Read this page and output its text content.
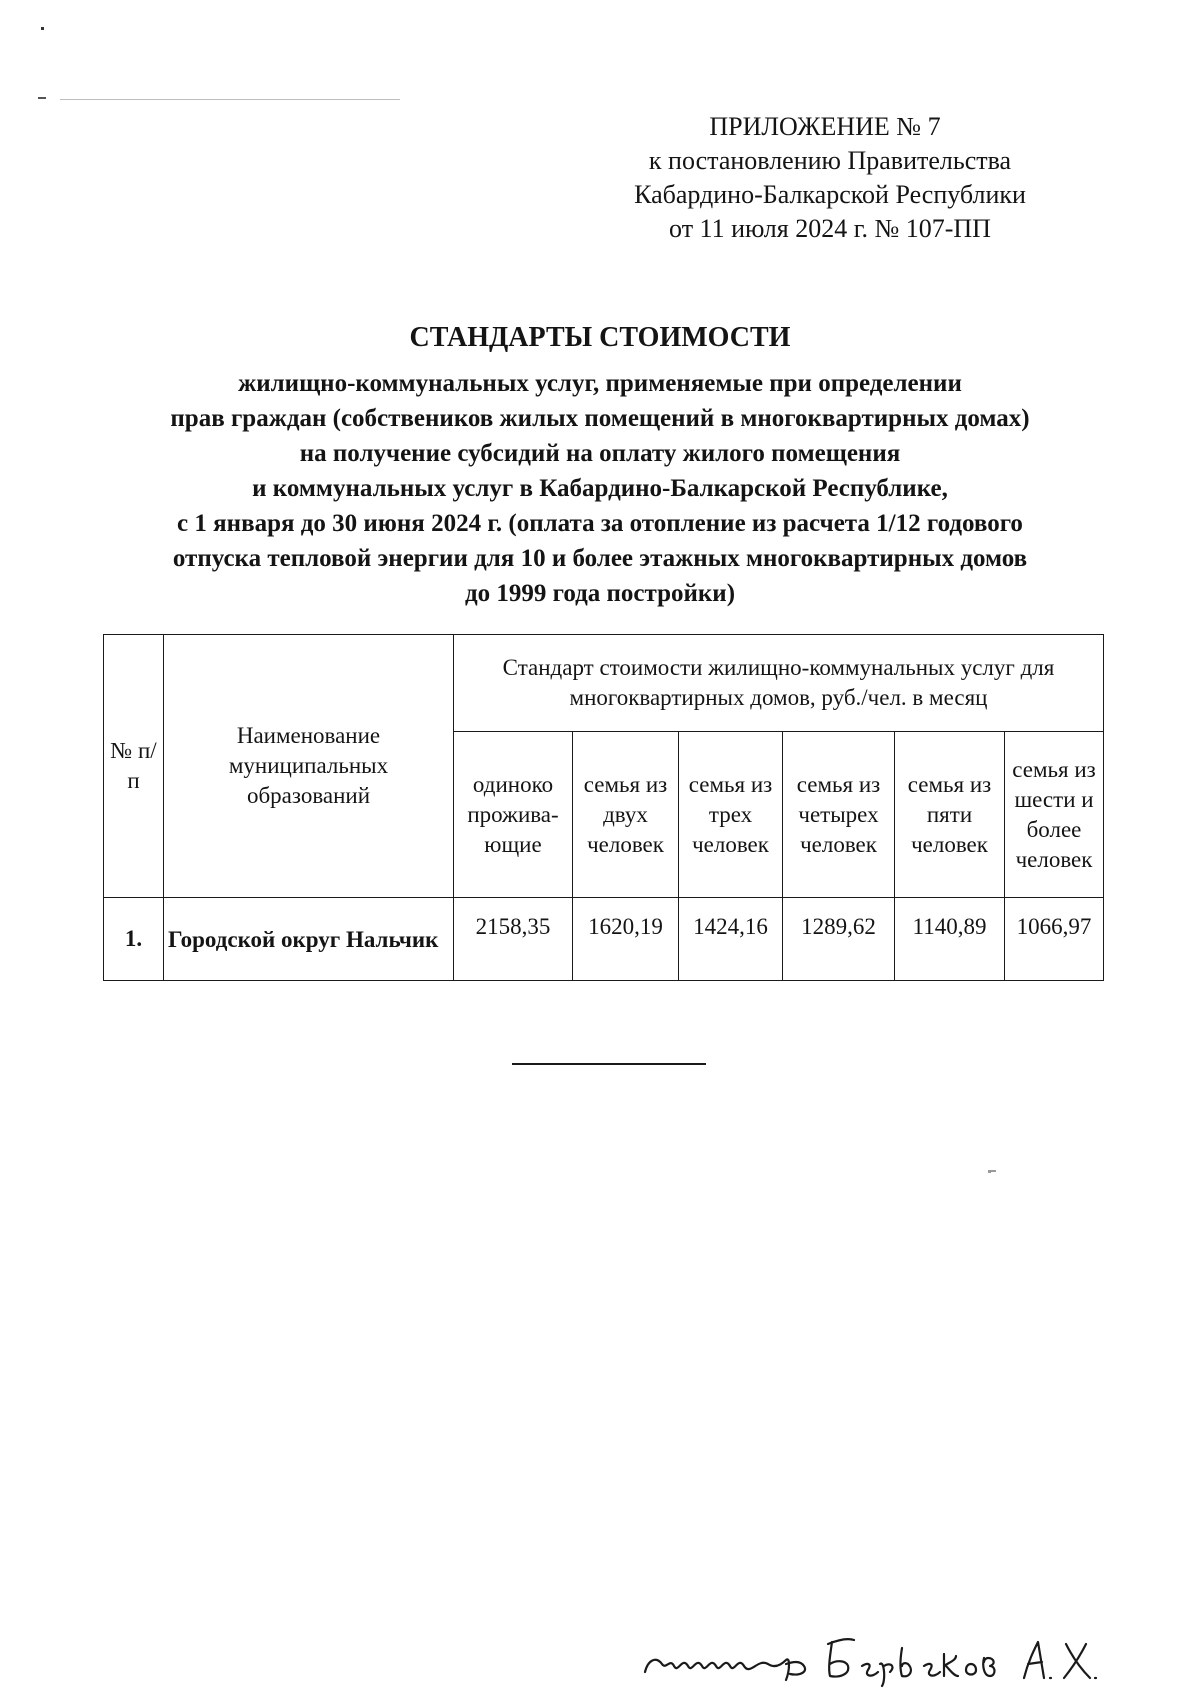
ПРИЛОЖЕНИЕ № 7
к постановлению Правительства
Кабардино-Балкарской Республики
от 11 июля 2024 г. № 107-ПП
СТАНДАРТЫ СТОИМОСТИ
жилищно-коммунальных услуг, применяемые при определении
прав граждан (собствеников жилых помещений в многоквартирных домах)
на получение субсидий на оплату жилого помещения
и коммунальных услуг в Кабардино-Балкарской Республике,
с 1 января до 30 июня 2024 г. (оплата за отопление из расчета 1/12 годового
отпуска тепловой энергии для 10 и более этажных многоквартирных домов
до 1999 года постройки)
№ п/п	Наименование муниципальных образований	Стандарт стоимости жилищно-коммунальных услуг для многоквартирных домов, руб./чел. в месяц					
		одиноко прожива-ющие	семья из двух человек	семья из трех человек	семья из четырех человек	семья из пяти человек	семья из шести и более человек
1.	Городской округ Нальчик	2158,35	1620,19	1424,16	1289,62	1140,89	1066,97
